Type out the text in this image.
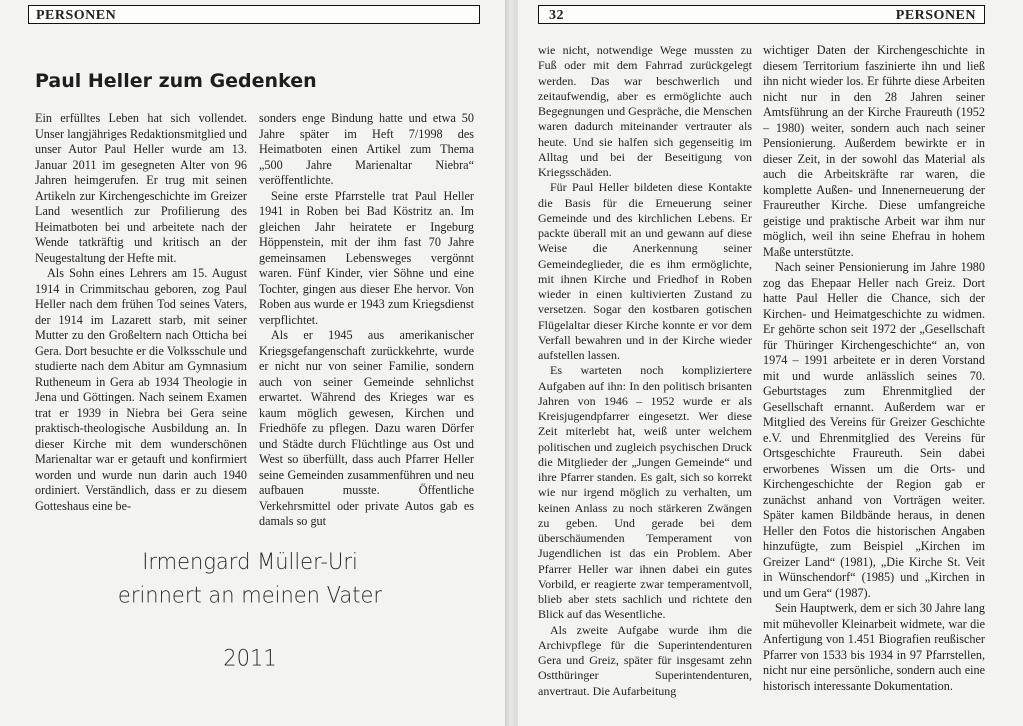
PERSONEN
Paul Heller zum Gedenken

Ein erfülltes Leben hat sich vollendet. Unser langjähriges Redaktionsmitglied und unser Autor Paul Heller wurde am 13. Januar 2011 im gesegneten Alter von 96 Jahren heimgerufen. Er trug mit seinen Artikeln zur Kirchengeschichte im Greizer Land wesentlich zur Profilierung des Heimatboten bei und arbeitete nach der Wende tatkräftig und kritisch an der Neugestaltung der Hefte mit.

Als Sohn eines Lehrers am 15. August 1914 in Crimmitschau geboren, zog Paul Heller nach dem frühen Tod seines Vaters, der 1914 im Lazarett starb, mit seiner Mutter zu den Großeltern nach Otticha bei Gera. Dort besuchte er die Volksschule und studierte nach dem Abitur am Gymnasium Rutheneum in Gera ab 1934 Theologie in Jena und Göttingen. Nach seinem Examen trat er 1939 in Niebra bei Gera seine praktisch-theologische Ausbildung an. In dieser Kirche mit dem wunderschönen Marienaltar war er getauft und konfirmiert worden und wurde nun darin auch 1940 ordiniert. Verständlich, dass er zu diesem Gotteshaus eine be-

sonders enge Bindung hatte und etwa 50 Jahre später im Heft 7/1998 des Heimatboten einen Artikel zum Thema „500 Jahre Marienaltar Niebra“ veröffentlichte.

Seine erste Pfarrstelle trat Paul Heller 1941 in Roben bei Bad Köstritz an. Im gleichen Jahr heiratete er Ingeburg Höppenstein, mit der ihm fast 70 Jahre gemeinsamen Lebensweges vergönnt waren. Fünf Kinder, vier Söhne und eine Tochter, gingen aus dieser Ehe hervor. Von Roben aus wurde er 1943 zum Kriegsdienst verpflichtet.

Als er 1945 aus amerikanischer Kriegsgefangenschaft zurückkehrte, wurde er nicht nur von seiner Familie, sondern auch von seiner Gemeinde sehnlichst erwartet. Während des Krieges war es kaum möglich gewesen, Kirchen und Friedhöfe zu pflegen. Dazu waren Dörfer und Städte durch Flüchtlinge aus Ost und West so überfüllt, dass auch Pfarrer Heller seine Gemeinden zusammenführen und neu aufbauen musste. Öffentliche Verkehrsmittel oder private Autos gab es damals so gut

Irmengard Müller-Uri
erinnert an meinen Vater
2011
32	PERSONEN

wie nicht, notwendige Wege mussten zu Fuß oder mit dem Fahrrad zurückgelegt werden. Das war beschwerlich und zeitaufwendig, aber es ermöglichte auch Begegnungen und Gespräche, die Menschen waren dadurch miteinander vertrauter als heute. Und sie halfen sich gegenseitig im Alltag und bei der Beseitigung von Kriegsschäden.

Für Paul Heller bildeten diese Kontakte die Basis für die Erneuerung seiner Gemeinde und des kirchlichen Lebens. Er packte überall mit an und gewann auf diese Weise die Anerkennung seiner Gemeindeglieder, die es ihm ermöglichte, mit ihnen Kirche und Friedhof in Roben wieder in einen kultivierten Zustand zu versetzen. Sogar den kostbaren gotischen Flügelaltar dieser Kirche konnte er vor dem Verfall bewahren und in der Kirche wieder aufstellen lassen.

Es warteten noch kompliziertere Aufgaben auf ihn: In den politisch brisanten Jahren von 1946 – 1952 wurde er als Kreisjugendpfarrer eingesetzt. Wer diese Zeit miterlebt hat, weiß unter welchem politischen und zugleich psychischen Druck die Mitglieder der „Jungen Gemeinde“ und ihre Pfarrer standen. Es galt, sich so korrekt wie nur irgend möglich zu verhalten, um keinen Anlass zu noch stärkeren Zwängen zu geben. Und gerade bei dem überschäumenden Temperament von Jugendlichen ist das ein Problem. Aber Pfarrer Heller war ihnen dabei ein gutes Vorbild, er reagierte zwar temperamentvoll, blieb aber stets sachlich und richtete den Blick auf das Wesentliche.

Als zweite Aufgabe wurde ihm die Archivpflege für die Superintendenturen Gera und Greiz, später für insgesamt zehn Ostthüringer Superintendenturen, anvertraut. Die Aufarbeitung

wichtiger Daten der Kirchengeschichte in diesem Territorium faszinierte ihn und ließ ihn nicht wieder los. Er führte diese Arbeiten nicht nur in den 28 Jahren seiner Amtsführung an der Kirche Fraureuth (1952 – 1980) weiter, sondern auch nach seiner Pensionierung. Außerdem bewirkte er in dieser Zeit, in der sowohl das Material als auch die Arbeitskräfte rar waren, die komplette Außen- und Innenerneuerung der Fraureuther Kirche. Diese umfangreiche geistige und praktische Arbeit war ihm nur möglich, weil ihn seine Ehefrau in hohem Maße unterstützte.

Nach seiner Pensionierung im Jahre 1980 zog das Ehepaar Heller nach Greiz. Dort hatte Paul Heller die Chance, sich der Kirchen- und Heimatgeschichte zu widmen. Er gehörte schon seit 1972 der „Gesellschaft für Thüringer Kirchengeschichte“ an, von 1974 – 1991 arbeitete er in deren Vorstand mit und wurde anlässlich seines 70. Geburtstages zum Ehrenmitglied der Gesellschaft ernannt. Außerdem war er Mitglied des Vereins für Greizer Geschichte e.V. und Ehrenmitglied des Vereins für Ortsgeschichte Fraureuth. Sein dabei erworbenes Wissen um die Orts- und Kirchengeschichte der Region gab er zunächst anhand von Vorträgen weiter. Später kamen Bildbände heraus, in denen Heller den Fotos die historischen Angaben hinzufügte, zum Beispiel „Kirchen im Greizer Land“ (1981), „Die Kirche St. Veit in Wünschendorf“ (1985) und „Kirchen in und um Gera“ (1987).

Sein Hauptwerk, dem er sich 30 Jahre lang mit mühevoller Kleinarbeit widmete, war die Anfertigung von 1.451 Biografien reußischer Pfarrer von 1533 bis 1934 in 97 Pfarrstellen, nicht nur eine persönliche, sondern auch eine historisch interessante Dokumentation.
